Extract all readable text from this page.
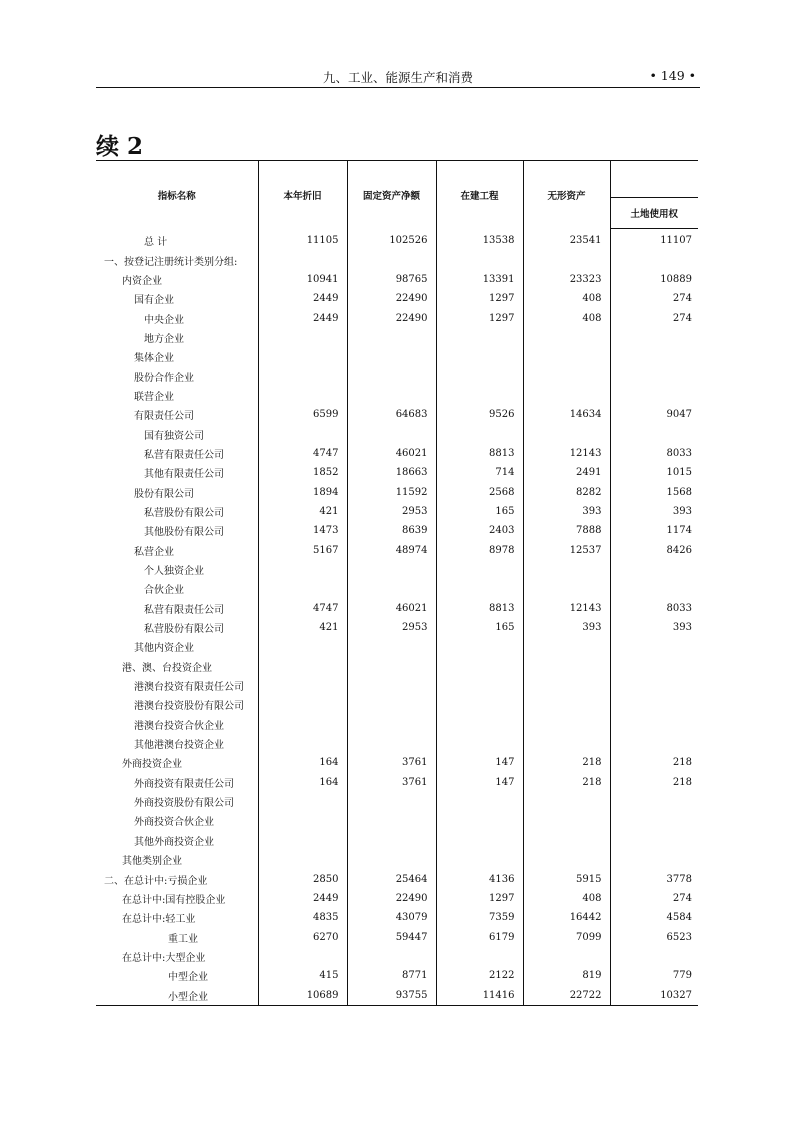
九、工业、能源生产和消费	• 149 •
续 2
指标名称	本年折旧	固定资产净额	在建工程	无形资产	
					土地使用权
总 计	11105	102526	13538	23541	11107
一、按登记注册统计类别分组:					
内资企业	10941	98765	13391	23323	10889
国有企业	2449	22490	1297	408	274
中央企业	2449	22490	1297	408	274
地方企业					
集体企业					
股份合作企业					
联营企业					
有限责任公司	6599	64683	9526	14634	9047
国有独资公司					
私营有限责任公司	4747	46021	8813	12143	8033
其他有限责任公司	1852	18663	714	2491	1015
股份有限公司	1894	11592	2568	8282	1568
私营股份有限公司	421	2953	165	393	393
其他股份有限公司	1473	8639	2403	7888	1174
私营企业	5167	48974	8978	12537	8426
个人独资企业					
合伙企业					
私营有限责任公司	4747	46021	8813	12143	8033
私营股份有限公司	421	2953	165	393	393
其他内资企业					
港、澳、台投资企业					
港澳台投资有限责任公司					
港澳台投资股份有限公司					
港澳台投资合伙企业					
其他港澳台投资企业					
外商投资企业	164	3761	147	218	218
外商投资有限责任公司	164	3761	147	218	218
外商投资股份有限公司					
外商投资合伙企业					
其他外商投资企业					
其他类别企业					
二、在总计中:亏损企业	2850	25464	4136	5915	3778
在总计中:国有控股企业	2449	22490	1297	408	274
在总计中:轻工业	4835	43079	7359	16442	4584
重工业	6270	59447	6179	7099	6523
在总计中:大型企业					
中型企业	415	8771	2122	819	779
小型企业	10689	93755	11416	22722	10327
